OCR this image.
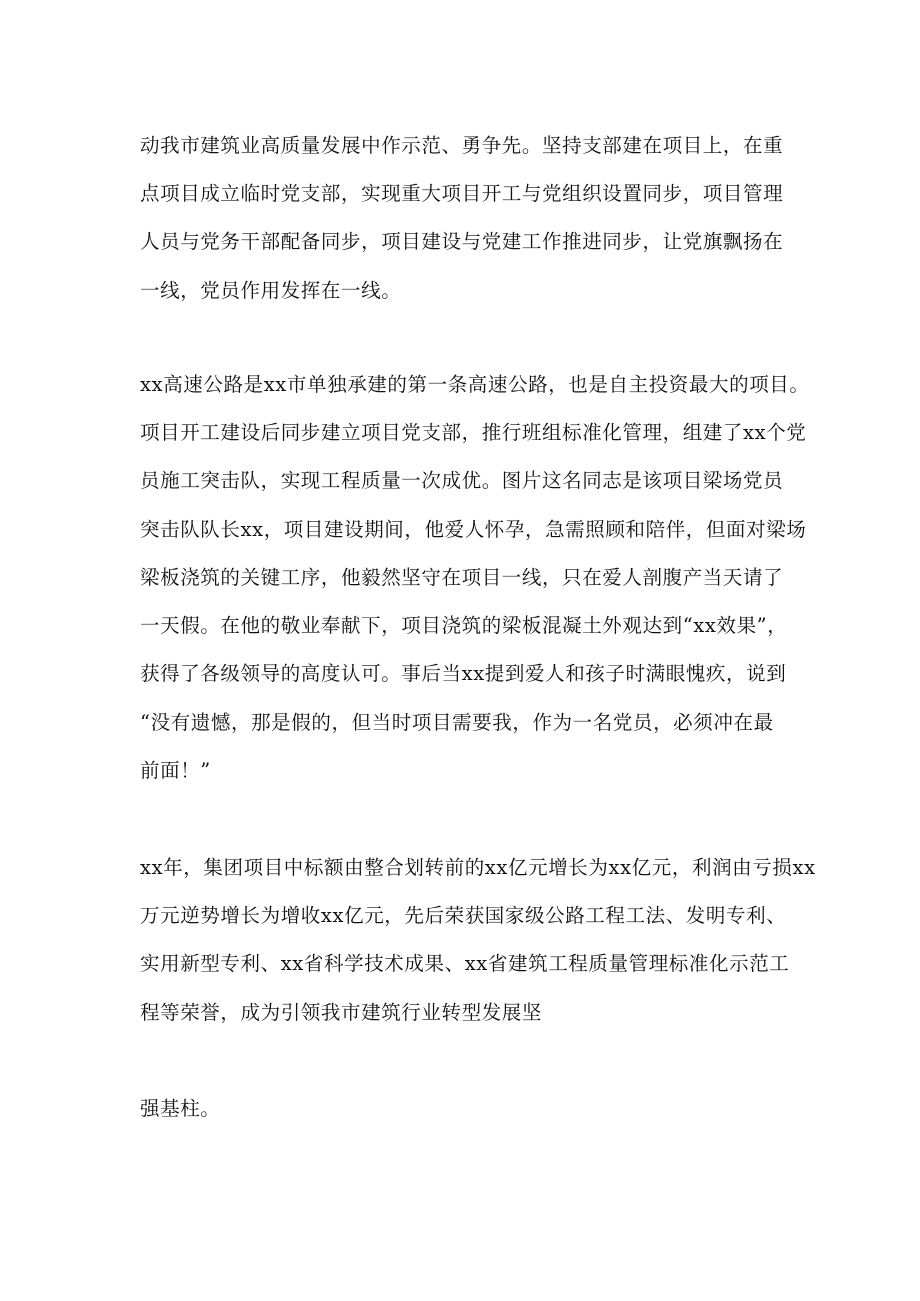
动我市建筑业高质量发展中作示范、勇争先。坚持支部建在项目上，在重

点项目成立临时党支部，实现重大项目开工与党组织设置同步，项目管理

人员与党务干部配备同步，项目建设与党建工作推进同步，让党旗飘扬在

一线，党员作用发挥在一线。

xx高速公路是xx市单独承建的第一条高速公路，也是自主投资最大的项目。

项目开工建设后同步建立项目党支部，推行班组标准化管理，组建了xx个党

员施工突击队，实现工程质量一次成优。图片这名同志是该项目梁场党员

突击队队长xx，项目建设期间，他爱人怀孕，急需照顾和陪伴，但面对梁场

梁板浇筑的关键工序，他毅然坚守在项目一线，只在爱人剖腹产当天请了

一天假。在他的敬业奉献下，项目浇筑的梁板混凝土外观达到“xx效果”，

获得了各级领导的高度认可。事后当xx提到爱人和孩子时满眼愧疚，说到

“没有遗憾，那是假的，但当时项目需要我，作为一名党员，必须冲在最

前面！”

xx年，集团项目中标额由整合划转前的xx亿元增长为xx亿元，利润由亏损xx

万元逆势增长为增收xx亿元，先后荣获国家级公路工程工法、发明专利、

实用新型专利、xx省科学技术成果、xx省建筑工程质量管理标准化示范工

程等荣誉，成为引领我市建筑行业转型发展坚

强基柱。
